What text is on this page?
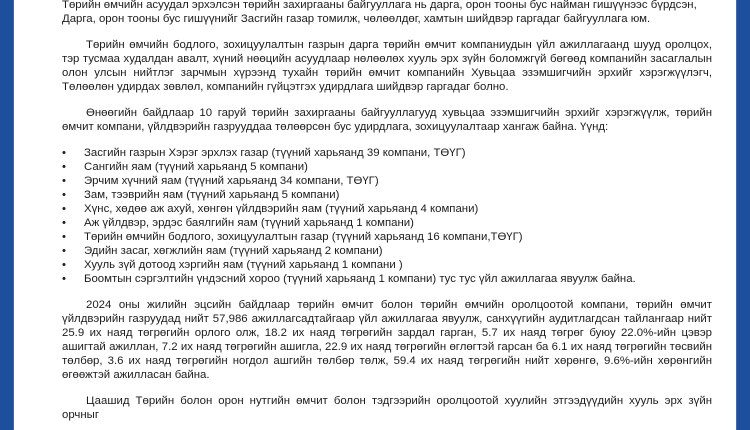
Төрийн өмчийн асуудал эрхэлсэн төрийн захиргааны байгууллага нь дарга, орон тооны бус найман гишүүнээс бүрдсэн,

Дарга, орон тооны бус гишүүнийг Засгийн газар томилж, чөлөөлдөг, хамтын шийдвэр гаргадаг байгууллага юм.

Төрийн өмчийн бодлого, зохицуулалтын газрын дарга төрийн өмчит компаниудын үйл ажиллагаанд шууд оролцох, тэр тусмаа худалдан авалт, хүний нөөцийн асуудлаар нөлөөлөх хууль эрх зүйн боломжгүй бөгөөд компанийн засаглалын олон улсын нийтлэг зарчмын хүрээнд тухайн төрийн өмчит компанийн Хувьцаа эзэмшигчийн эрхийг хэрэгжүүлэгч, Төлөөлөн удирдах зөвлөл, компанийн гүйцэтгэх удирдлага шийдвэр гаргадаг болно.

Өнөөгийн байдлаар 10 гаруй төрийн захиргааны байгууллагууд хувьцаа эзэмшигчийн эрхийг хэрэгжүүлж, төрийн өмчит компани, үйлдвэрийн газрууддаа төлөөрсөн бус удирдлага, зохицуулалтаар хангаж байна. Үүнд:

• Засгийн газрын Хэрэг эрхлэх газар (түүний харьяанд 39 компани, ТӨҮГ)
• Сангийн яам (түүний харьяанд 5 компани)
• Эрчим хүчний яам (түүний харьяанд 34 компани, ТӨҮГ)
• Зам, тээврийн яам (түүний харьяанд 5 компани)
• Хүнс, хөдөө аж ахуй, хөнгөн үйлдвэрийн яам (түүний харьяанд 4 компани)
• Аж үйлдвэр, эрдэс баялгийн яам (түүний харьяанд 1 компани)
• Төрийн өмчийн бодлого, зохицуулалтын газар (түүний харьяанд 16 компани,ТӨҮГ)
• Эдийн засаг, хөгжлийн яам (түүний харьяанд 2 компани)
• Хууль зүй дотоод хэргийн яам (түүний харьяанд 1 компани )
• Боомтын сэргэлтийн үндэсний хороо (түүний харьяанд 1 компани) тус тус үйл ажиллагаа явуулж байна.

2024 оны жилийн эцсийн байдлаар төрийн өмчит болон төрийн өмчийн оролцоотой компани, төрийн өмчит үйлдвэрийн газруудад нийт 57,986 ажиллагсадтайгаар үйл ажиллагаа явуулж, санхүүгийн аудитлагдсан тайлангаар нийт 25.9 их наяд төгрөгийн орлого олж, 18.2 их наяд төгрөгийн зардал гарган, 5.7 их наяд төгрөг буюу 22.0%-ийн цэвэр ашигтай ажиллан, 7.2 их наяд төгрөгийн ашигла, 22.9 их наяд төгрөгийн өглөгтэй гарсан ба 6.1 их наяд төгрөгийн төсвийн төлбөр, 3.6 их наяд төгрөгийн ногдол ашгийн төлбөр төлж, 59.4 их наяд төгрөгийн нийт хөрөнгө, 9.6%-ийн хөрөнгийн өгөөжтэй ажилласан байна.

Цаашид Төрийн болон орон нутгийн өмчит болон тэдгээрийн оролцоотой хуулийн этгээдүүдийн хууль эрх зүйн орчныг
